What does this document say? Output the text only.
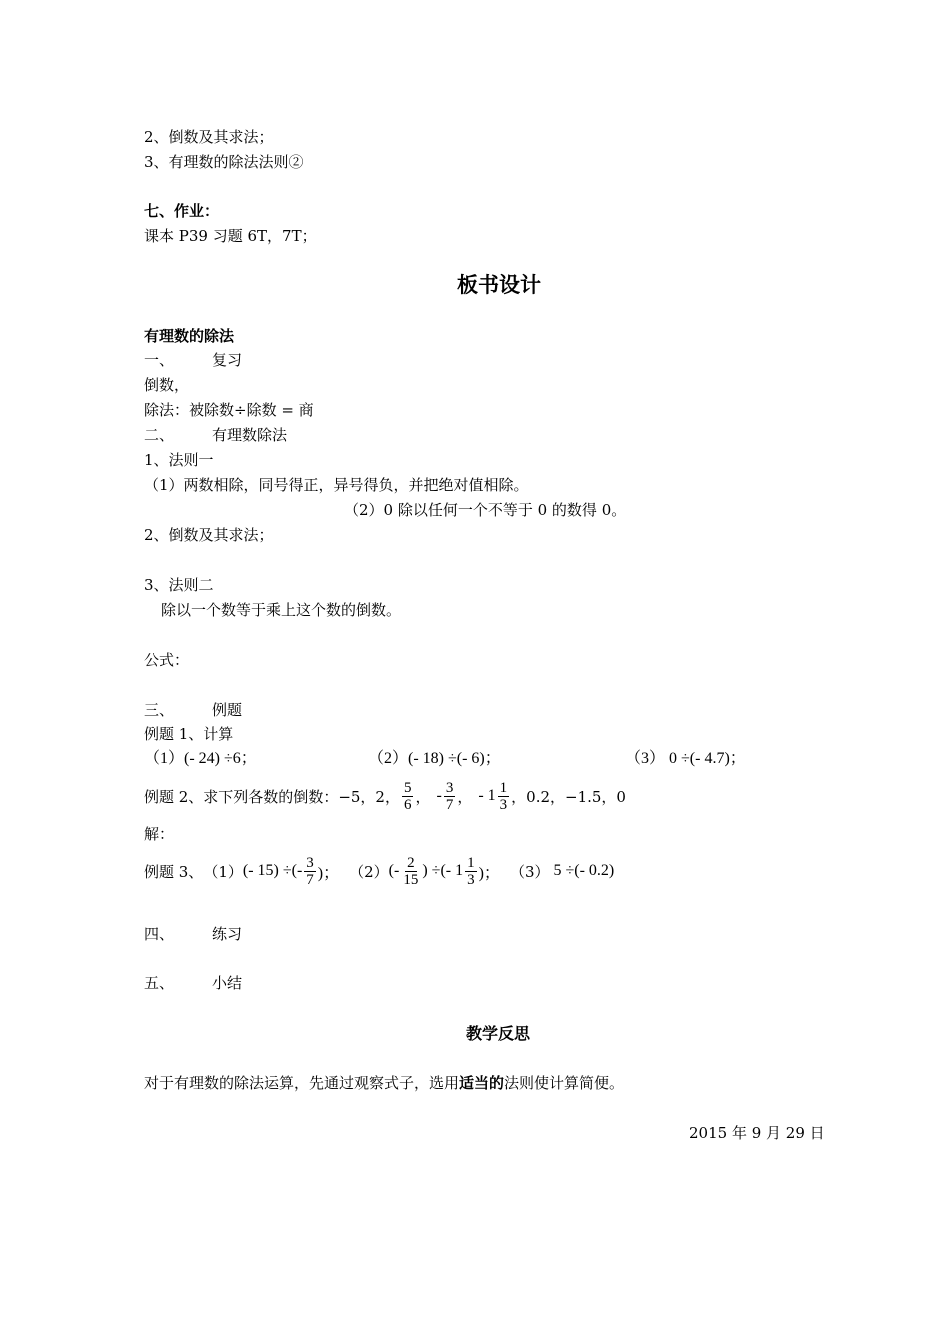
2、倒数及其求法；
3、有理数的除法法则②
七、作业：
课本 P39 习题 6T，7T；
板书设计
有理数的除法
一、	复习
倒数，
除法：被除数÷除数 = 商
二、	有理数除法
1、法则一
（1）两数相除，同号得正，异号得负，并把绝对值相除。
（2）0 除以任何一个不等于 0 的数得 0。
2、倒数及其求法；
3、法则二
除以一个数等于乘上这个数的倒数。
公式：
三、	例题
例题 1、计算
（1）(- 24) ÷6；	（2）(- 18) ÷(- 6)；	（3） 0 ÷(- 4.7)；
例题 2、求下列各数的倒数：−5，2， $\frac{5}{6}$ ， - $\frac{3}{7}$ ， - $1 \frac{1}{3}$ ，0.2，−1.5，0
解：
例题 3、 （1） (- 15) ÷(- $\frac{3}{7}$ )； （2） (- $\frac{2}{15}$ ) ÷(- $1 \frac{1}{3}$ )； （3） 5 ÷(- 0.2)
四、	练习
五、	小结
教学反思
对于有理数的除法运算，先通过观察式子，选用适当的法则使计算简便。
2015 年 9 月 29 日
